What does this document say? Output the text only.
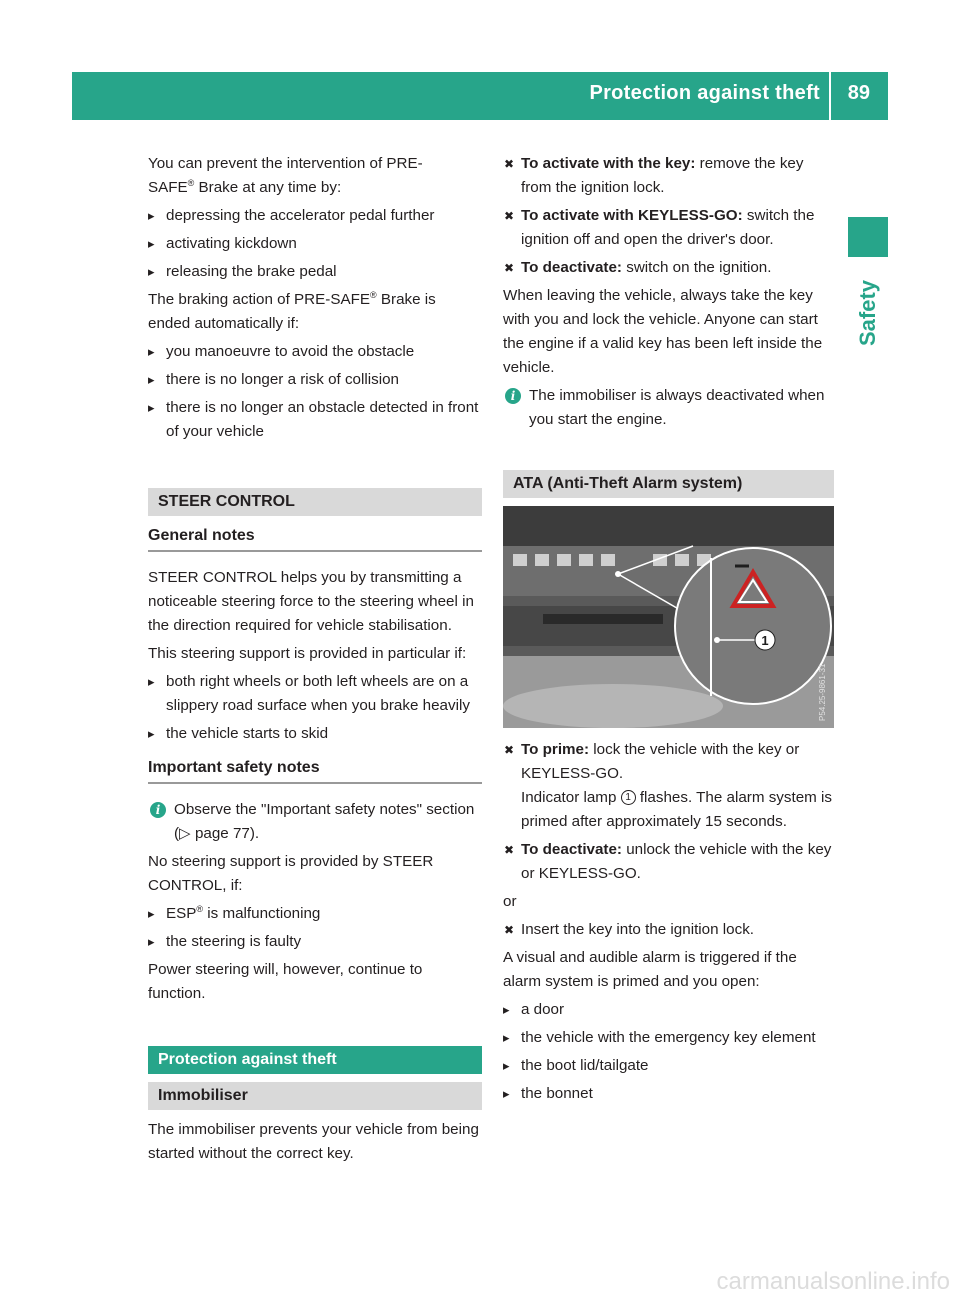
Protection against theft 89
Safety

You can prevent the intervention of PRE-
SAFE® Brake at any time by:

▸ depressing the accelerator pedal further
▸ activating kickdown
▸ releasing the brake pedal

The braking action of PRE-SAFE® Brake is
ended automatically if:

▸ you manoeuvre to avoid the obstacle
▸ there is no longer a risk of collision
▸ there is no longer an obstacle detected in front of your vehicle
STEER CONTROL
General notes

STEER CONTROL helps you by transmitting a noticeable steering force to the steering wheel in the direction required for vehicle stabilisation.

This steering support is provided in particular if:

▸ both right wheels or both left wheels are on a slippery road surface when you brake heavily
▸ the vehicle starts to skid
Important safety notes
i Observe the "Important safety notes" section (▷ page 77).

No steering support is provided by STEER
CONTROL, if:

▸ ESP® is malfunctioning
▸ the steering is faulty

Power steering will, however, continue to function.

Protection against theft
Immobiliser

The immobiliser prevents your vehicle from being started without the correct key.

✖ To activate with the key: remove the key from the ignition lock.
✖ To activate with KEYLESS-GO: switch the ignition off and open the driver's door.
✖ To deactivate: switch on the ignition.

When leaving the vehicle, always take the key with you and lock the vehicle. Anyone can start the engine if a valid key has been left inside the vehicle.

i The immobiliser is always deactivated when you start the engine.
ATA (Anti-Theft Alarm system)
1
P54.25-9861-31
✖ To prime: lock the vehicle with the key or KEYLESS-GO.
Indicator lamp 1 flashes. The alarm system is primed after approximately 15 seconds.
✖ To deactivate: unlock the vehicle with the key or KEYLESS-GO.

or

✖ Insert the key into the ignition lock.

A visual and audible alarm is triggered if the alarm system is primed and you open:

▸ a door
▸ the vehicle with the emergency key element
▸ the boot lid/tailgate
▸ the bonnet
carmanualsonline.info
